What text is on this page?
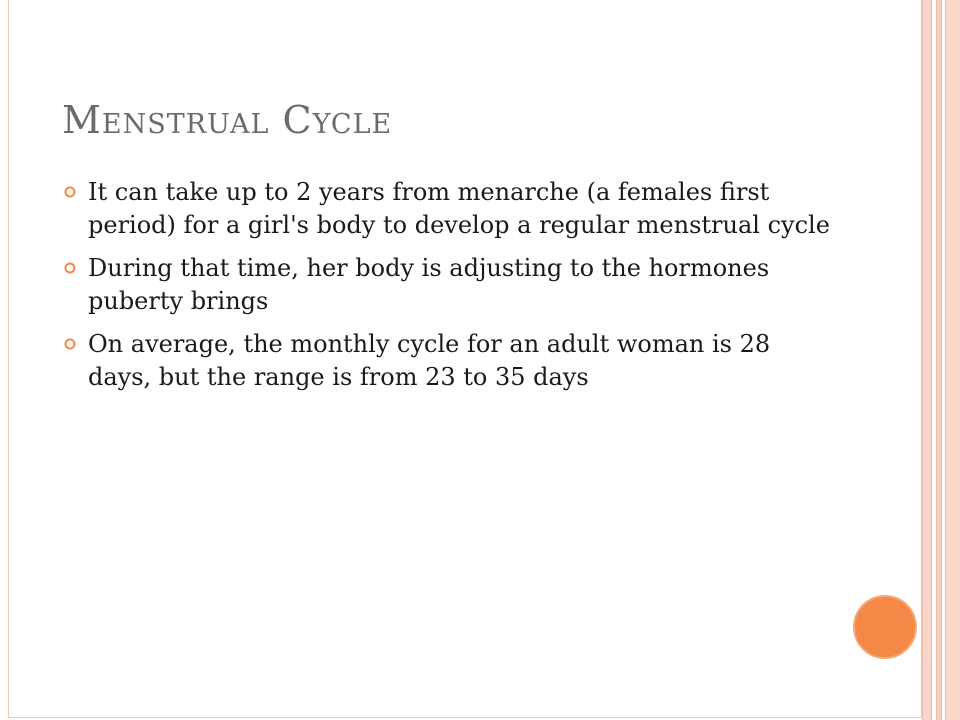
Menstrual Cycle
It can take up to 2 years from menarche (a females first period) for a girl's body to develop a regular menstrual cycle
During that time, her body is adjusting to the hormones puberty brings
On average, the monthly cycle for an adult woman is 28 days, but the range is from 23 to 35 days
